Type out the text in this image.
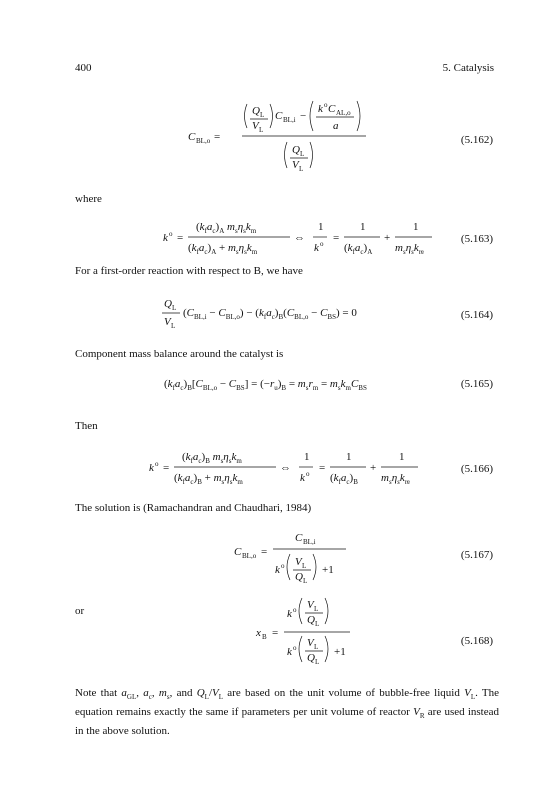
400	5. Catalysis
C BL,o =
Q L
V L
C BL,i −
k o C AL,o
a
Q L
V L
(5.162)
where
k o =
$(k_fa_c)_A$ $m_s\eta_sk_m$
$(k_fa_c)_A + m_s\eta_sk_m$
⇔
1
k o =
1
$(k_fa_c)_A$
+
1
$m_s\eta_sk_m$
(5.163)
For a first-order reaction with respect to B, we have
Q L
V L
$(C_{BL,i} - C_{BL,o}) - (k_fa_c)_B(C_{BL,o} - C_{BS}) = 0$	(5.164)
Component mass balance around the catalyst is
$(k_fa_c)_B[C_{BL,o} - C_{BS}] = (-r_u)_B = m_sr_m = m_sk_mC_{BS}$	(5.165)
Then
k o =
$(k_fa_c)_B$ $m_s\eta_sk_m$
$(k_fa_c)_B + m_s\eta_sk_m$
⇔
1
k o =
1
$(k_fa_c)_B$
+
1
$m_s\eta_sk_m$
(5.166)
The solution is (Ramachandran and Chaudhari, 1984)
C BL,o =
C BL,i
k o V L
Q L
+1
(5.167)
or
x B =
k o V L
Q L
k o V L
Q L
+1
(5.168)
Note that $a_{GL}$, $a_c$, $m_s$, and $Q_L/V_L$ are based on the unit volume of bubble-free liquid $V_L$. The equation remains exactly the same if parameters per unit volume of reactor $V_R$ are used instead in the above solution.
